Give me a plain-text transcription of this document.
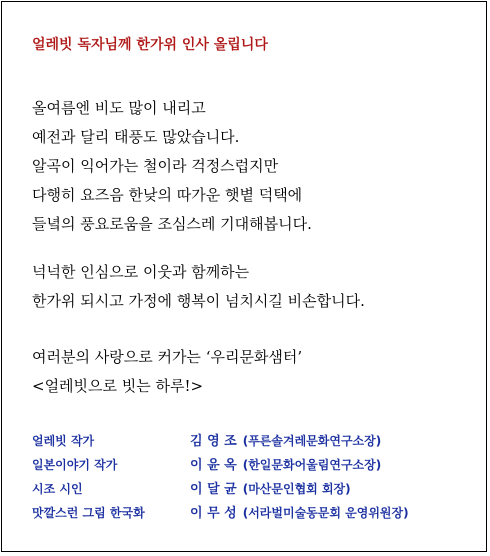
얼레빗 독자님께 한가위 인사 올립니다
올여름엔 비도 많이 내리고
예전과 달리 태풍도 많았습니다.
알곡이 익어가는 철이라 걱정스럽지만
다행히 요즈음 한낮의 따가운 햇볕 덕택에
들녘의 풍요로움을 조심스레 기대해봅니다.
넉넉한 인심으로 이웃과 함께하는
한가위 되시고 가정에 행복이 넘치시길 비손합니다.
여러분의 사랑으로 커가는 ‘우리문화샘터’
<얼레빗으로 빗는 하루!>
얼레빗 작가	김 영 조 (푸른솔겨레문화연구소장)
일본이야기 작가	이 윤 옥 (한일문화어울림연구소장)
시조 시인	이 달 균 (마산문인협회 회장)
맛깔스런 그림 한국화	이 무 성 (서라벌미술동문회 운영위원장)
